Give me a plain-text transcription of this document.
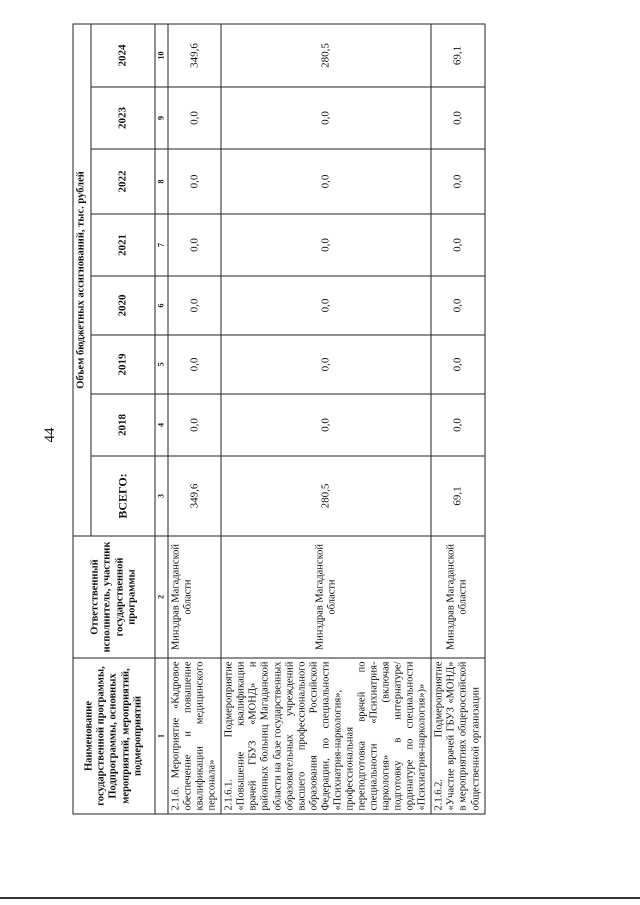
44
Наименование государственной программы, Подпрограммы, основных мероприятий, мероприятий, подмероприятий	Ответственный исполнитель, участник государственной программы	Объем бюджетных ассигнований, тыс. рублей							
		ВСЕГО:	2018	2019	2020	2021	2022	2023	2024
1	2	3	4	5	6	7	8	9	10
2.1.6. Мероприятие «Кадровое обеспечение и повышение квалификации медицинского персонала»	Минздрав Магаданской области	349,6	0,0	0,0	0,0	0,0	0,0	0,0	349,6
2.1.6.1. Подмероприятие «Повышение квалификации врачей ГБУЗ «МОНД» и районных больниц Магаданской области на базе государственных образовательных учреждений высшего профессионального образования Российской Федерации, по специальности «Психиатрия-наркология», профессиональная переподготовка врачей по специальности «Психиатрия-наркология» (включая подготовку в интернатуре/ ординатуре по специальности «Психиатрия-наркология»)»	Минздрав Магаданской области	280,5	0,0	0,0	0,0	0,0	0,0	0,0	280,5
2.1.6.2. Подмероприятие «Участие врачей ГБУЗ «МОНД» в мероприятиях общероссийской общественной организации	Минздрав Магаданской области	69,1	0,0	0,0	0,0	0,0	0,0	0,0	69,1
